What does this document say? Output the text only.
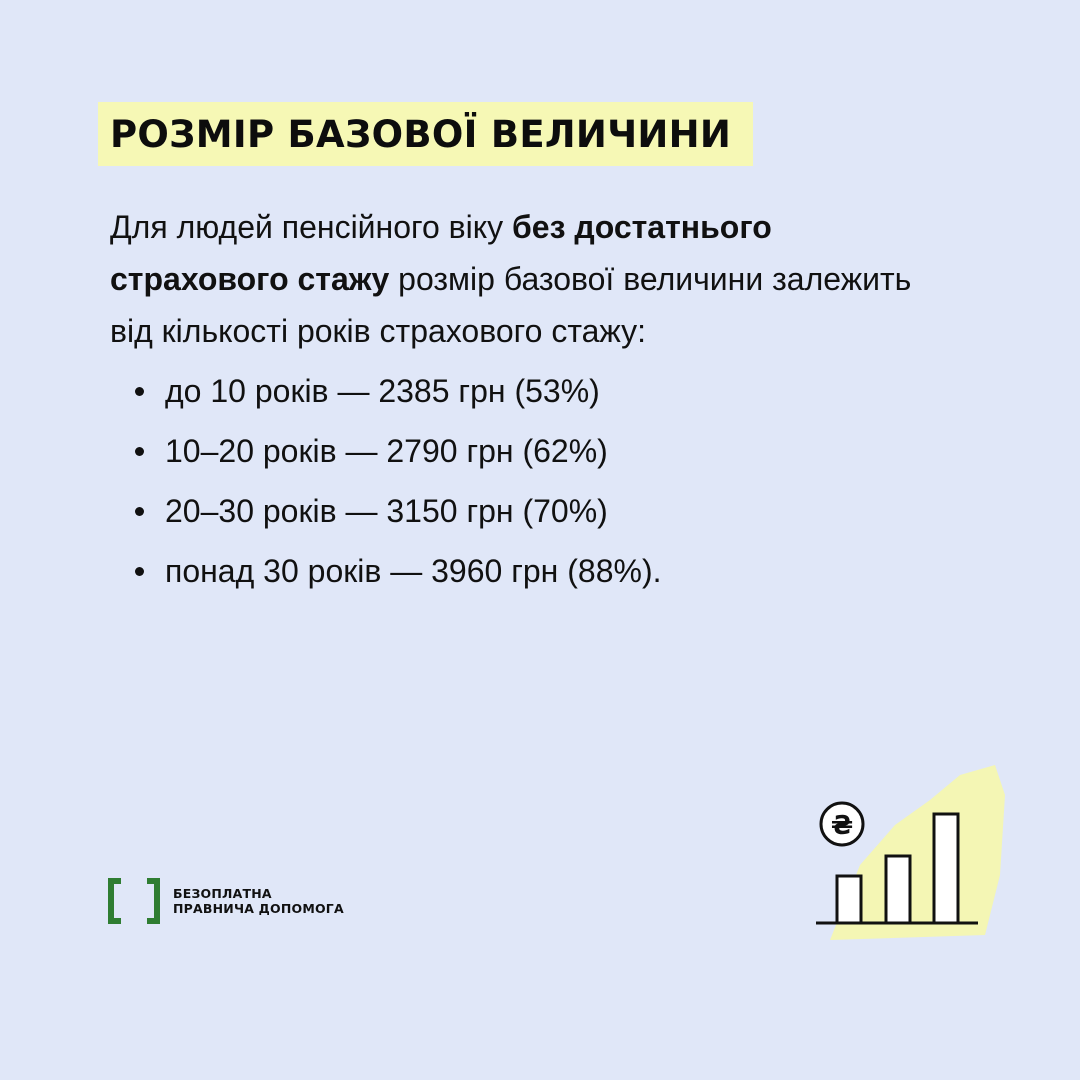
РОЗМІР БАЗОВОЇ ВЕЛИЧИНИ

Для людей пенсійного віку без достатнього страхового стажу розмір базової величини залежить від кількості років страхового стажу:

до 10 років — 2385 грн (53%)
10–20 років — 2790 грн (62%)
20–30 років — 3150 грн (70%)
понад 30 років — 3960 грн (88%).
БЕЗОПЛАТНА
ПРАВНИЧА ДОПОМОГА
₴
